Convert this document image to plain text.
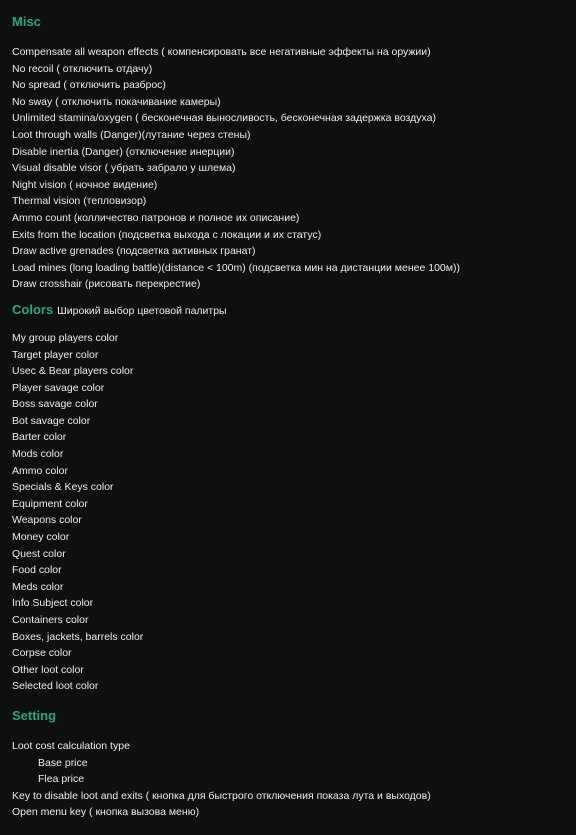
Misc
Compensate all weapon effects ( компенсировать все негативные эффекты на оружии)
No recoil ( отключить отдачу)
No spread ( отключить разброс)
No sway ( отключить покачивание камеры)
Unlimited stamina/oxygen ( бесконечная выносливость, бесконечная задержка воздуха)
Loot through walls (Danger)(лутание через стены)
Disable inertia (Danger) (отключение инерции)
Visual disable visor ( убрать забрало у шлема)
Night vision ( ночное видение)
Thermal vision (тепловизор)
Ammo count (колличество патронов и полное их описание)
Exits from the location (подсветка выхода с локации и их статус)
Draw active grenades (подсветка активных гранат)
Load mines (long loading battle)(distance < 100m) (подсветка мин на дистанции менее 100м))
Draw crosshair (рисовать перекрестие)
Colors Широкий выбор цветовой палитры
My group players color
Target player color
Usec & Bear players color
Player savage color
Boss savage color
Bot savage color
Barter color
Mods color
Ammo color
Specials & Keys color
Equipment color
Weapons color
Money color
Quest color
Food color
Meds color
Info Subject color
Containers color
Boxes, jackets, barrels color
Corpse color
Other loot color
Selected loot color
Setting
Loot cost calculation type
Base price
Flea price
Key to disable loot and exits ( кнопка для быстрого отключения показа лута и выходов)
Open menu key ( кнопка вызова меню)
